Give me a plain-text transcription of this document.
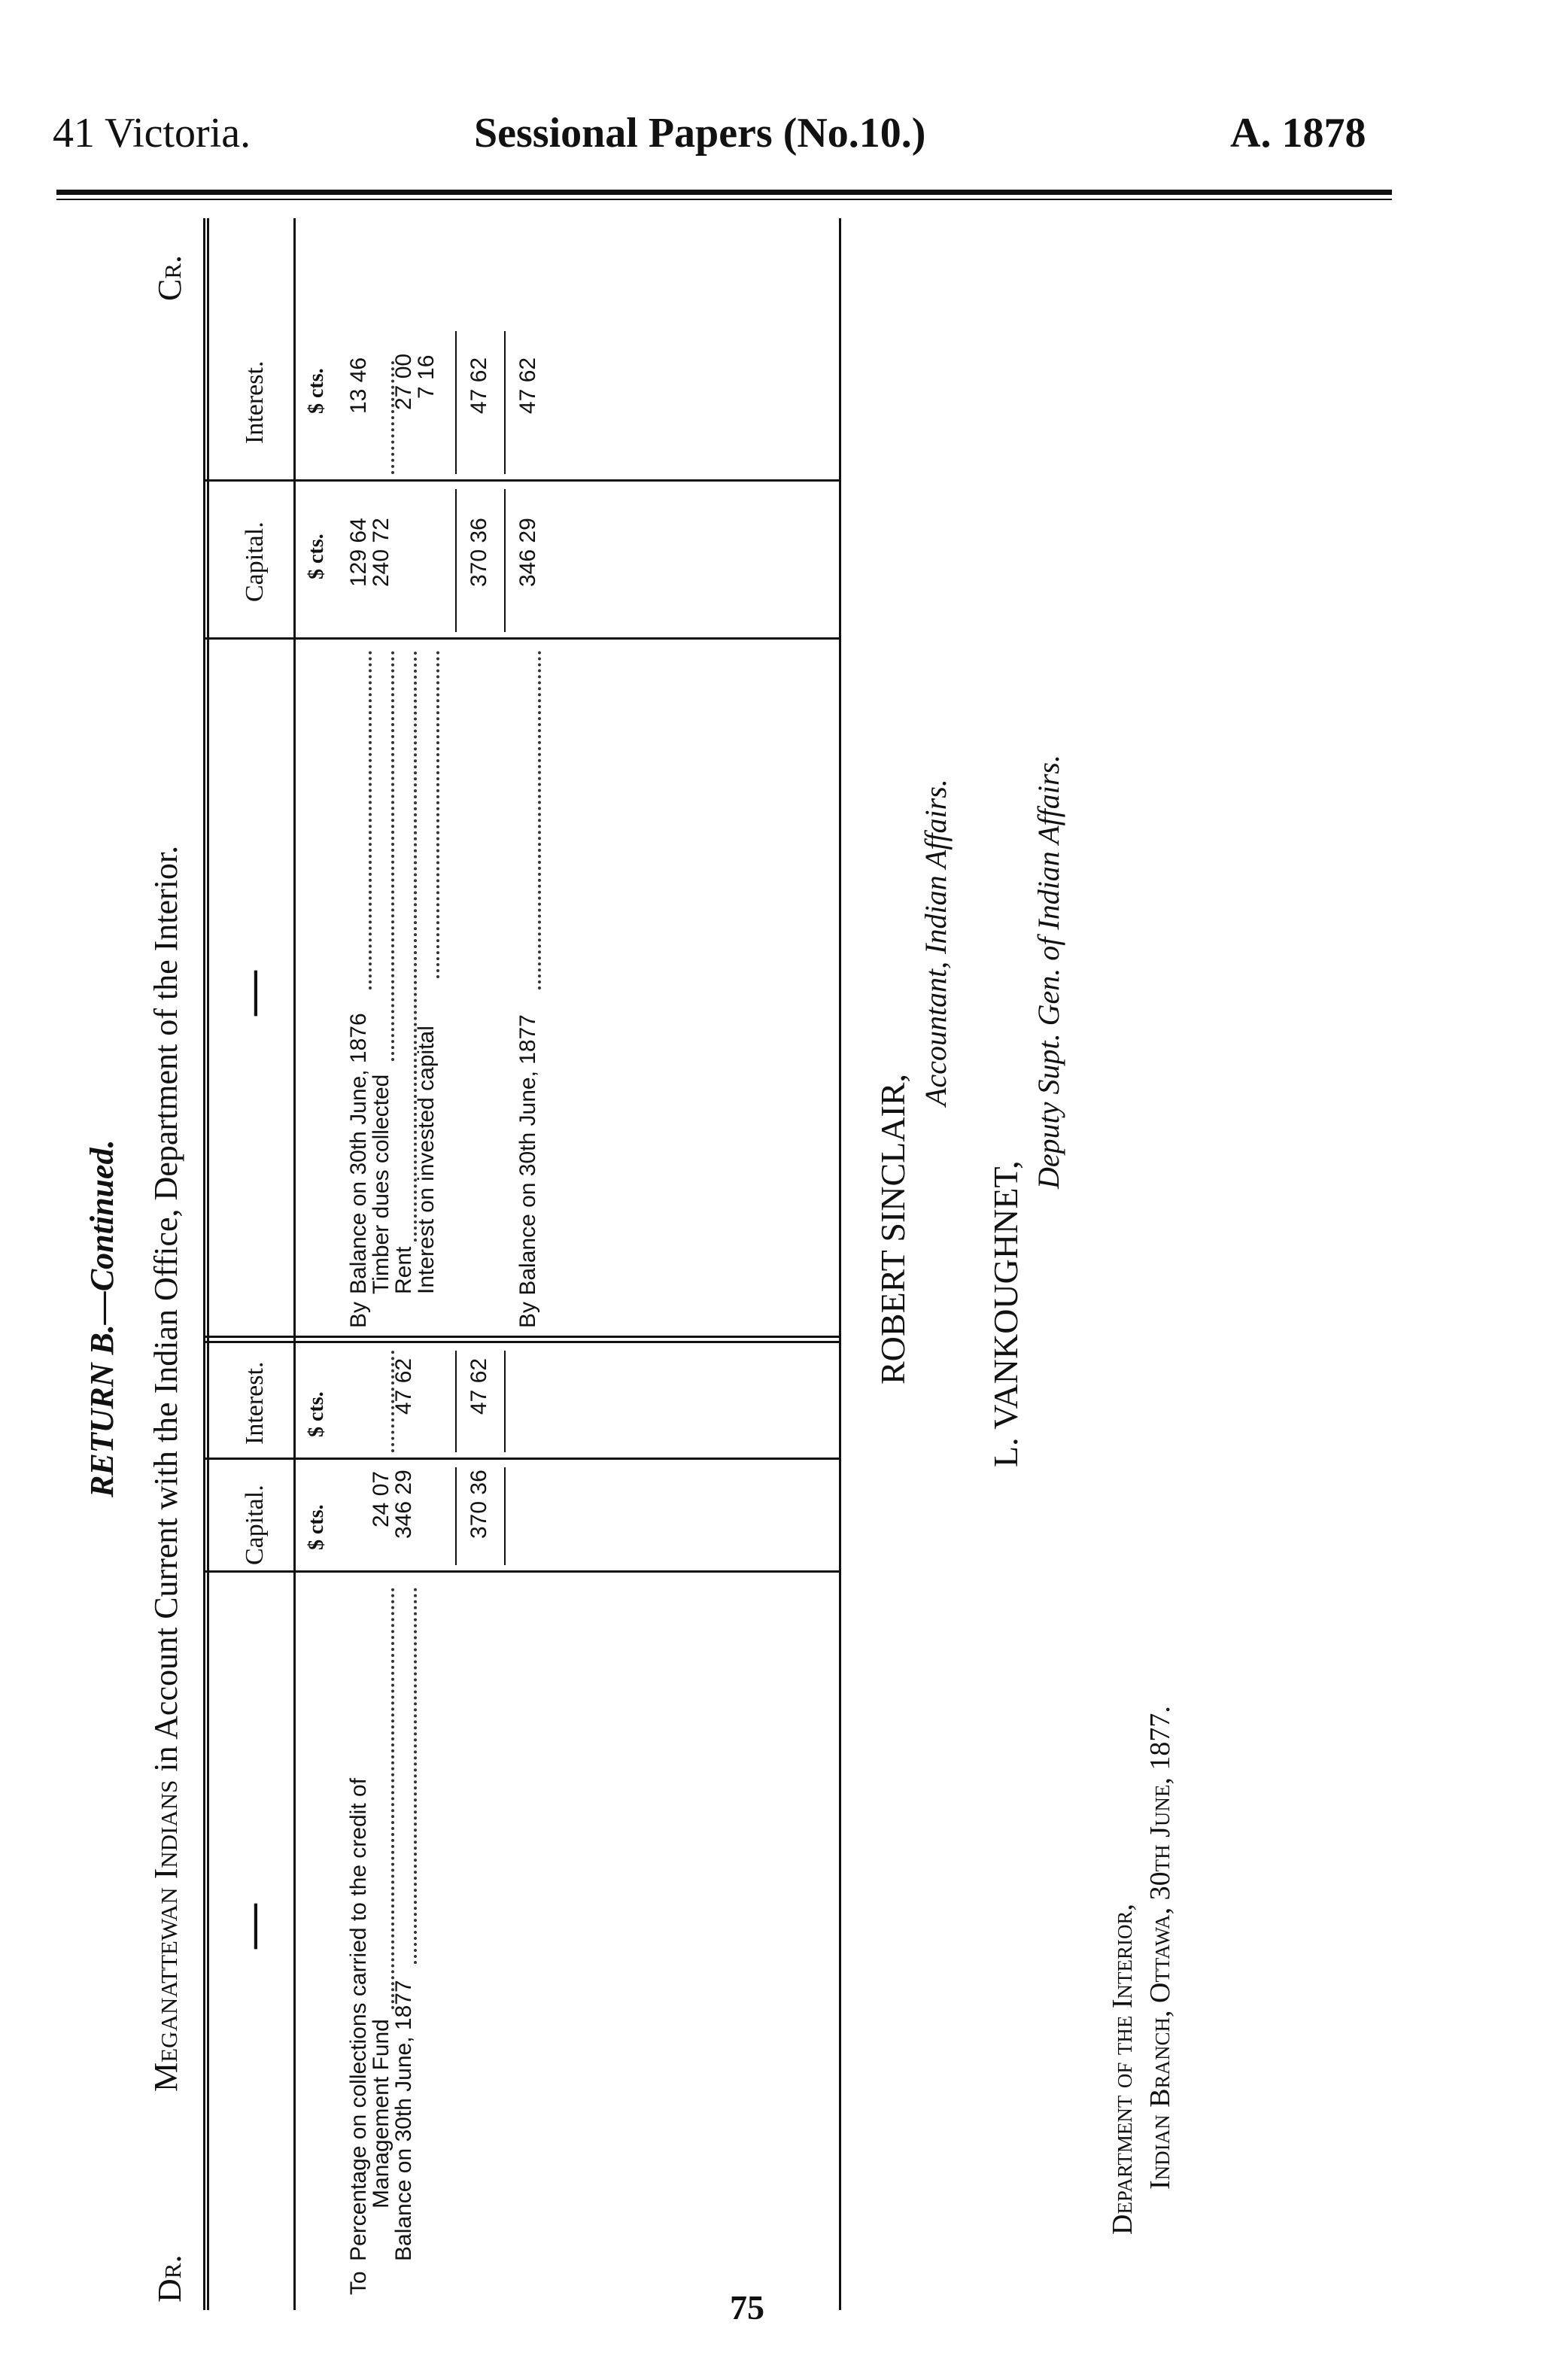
41 Victoria.	Sessional Papers (No.10.)	A. 1878
RETURN B.—Continued.
Dr.
Meganattewan Indians in Account Current with the Indian Office, Department of the Interior.
Cr.
—
Capital.
Interest.
—
Capital.
Interest.
$ cts.
$ cts.
$ cts.
$ cts.
To
Percentage on collections carried to the credit of
Management Fund
24 07
Balance on 30th June, 1877
346 29
47 62
370 36
47 62
By
Balance on 30th June, 1876
129 64
13 46
Timber dues collected
240 72
Rent
27 00
Interest on invested capital
7 16
370 36
47 62
By Balance on 30th June, 1877
346 29
47 62
ROBERT SINCLAIR,
Accountant, Indian Affairs.
L. VANKOUGHNET,
Deputy Supt. Gen. of Indian Affairs.
Department of the Interior, Indian Branch, Ottawa, 30th June, 1877.
75
